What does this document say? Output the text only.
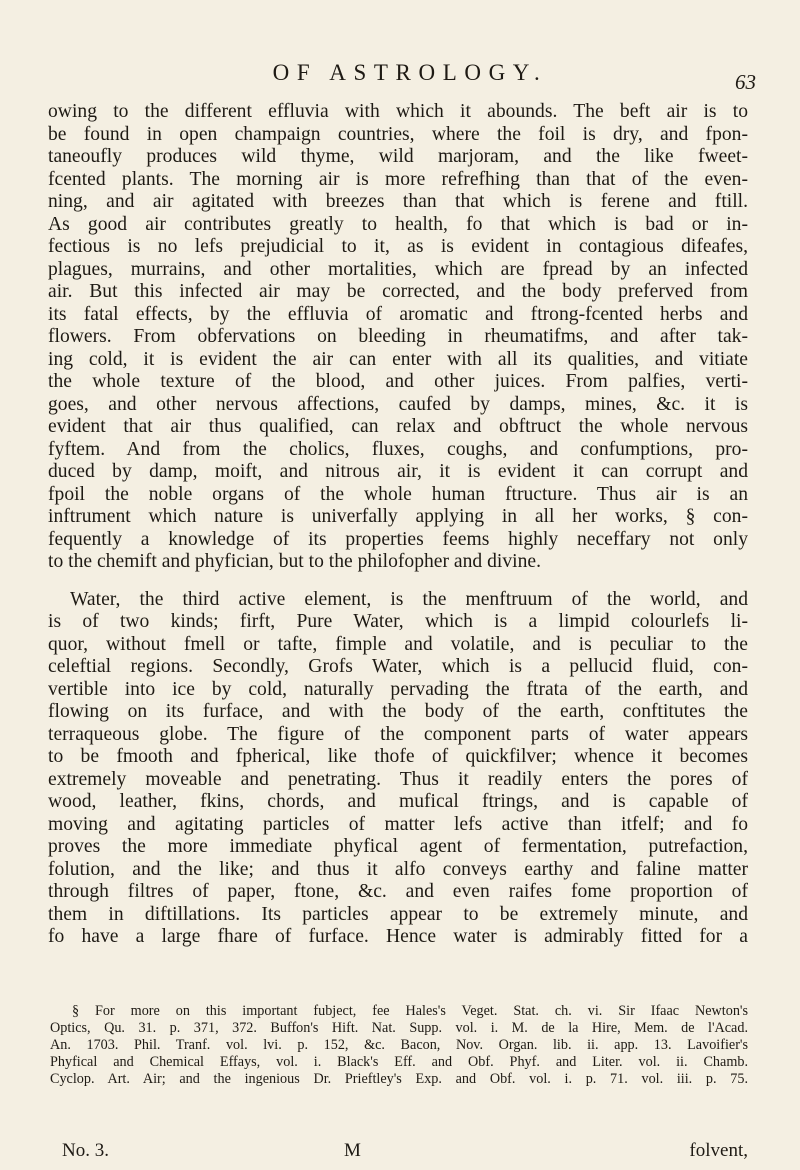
OF ASTROLOGY.	63
owing to the different effluvia with which it abounds. The beft air is to
be found in open champaign countries, where the foil is dry, and fpon-
taneoufly produces wild thyme, wild marjoram, and the like fweet-
fcented plants. The morning air is more refrefhing than that of the even-
ning, and air agitated with breezes than that which is ferene and ftill.
As good air contributes greatly to health, fo that which is bad or in-
fectious is no lefs prejudicial to it, as is evident in contagious difeafes,
plagues, murrains, and other mortalities, which are fpread by an infected
air. But this infected air may be corrected, and the body preferved from
its fatal effects, by the effluvia of aromatic and ftrong-fcented herbs and
flowers. From obfervations on bleeding in rheumatifms, and after tak-
ing cold, it is evident the air can enter with all its qualities, and vitiate
the whole texture of the blood, and other juices. From palfies, verti-
goes, and other nervous affections, caufed by damps, mines, &c. it is
evident that air thus qualified, can relax and obftruct the whole nervous
fyftem. And from the cholics, fluxes, coughs, and confumptions, pro-
duced by damp, moift, and nitrous air, it is evident it can corrupt and
fpoil the noble organs of the whole human ftructure. Thus air is an
inftrument which nature is univerfally applying in all her works, § con-
fequently a knowledge of its properties feems highly neceffary not only
to the chemift and phyfician, but to the philofopher and divine.
Water, the third active element, is the menftruum of the world, and
is of two kinds; firft, Pure Water, which is a limpid colourlefs li-
quor, without fmell or tafte, fimple and volatile, and is peculiar to the
celeftial regions. Secondly, Grofs Water, which is a pellucid fluid, con-
vertible into ice by cold, naturally pervading the ftrata of the earth, and
flowing on its furface, and with the body of the earth, conftitutes the
terraqueous globe. The figure of the component parts of water appears
to be fmooth and fpherical, like thofe of quickfilver; whence it becomes
extremely moveable and penetrating. Thus it readily enters the pores of
wood, leather, fkins, chords, and mufical ftrings, and is capable of
moving and agitating particles of matter lefs active than itfelf; and fo
proves the more immediate phyfical agent of fermentation, putrefaction,
folution, and the like; and thus it alfo conveys earthy and faline matter
through filtres of paper, ftone, &c. and even raifes fome proportion of
them in diftillations. Its particles appear to be extremely minute, and
fo have a large fhare of furface. Hence water is admirably fitted for a
§ For more on this important fubject, fee Hales's Veget. Stat. ch. vi. Sir Ifaac Newton's
Optics, Qu. 31. p. 371, 372. Buffon's Hift. Nat. Supp. vol. i. M. de la Hire, Mem. de l'Acad.
An. 1703. Phil. Tranf. vol. lvi. p. 152, &c. Bacon, Nov. Organ. lib. ii. app. 13. Lavoifier's
Phyfical and Chemical Effays, vol. i. Black's Eff. and Obf. Phyf. and Liter. vol. ii. Chamb.
Cyclop. Art. Air; and the ingenious Dr. Prieftley's Exp. and Obf. vol. i. p. 71. vol. iii. p. 75.
No. 3.	M	folvent,
